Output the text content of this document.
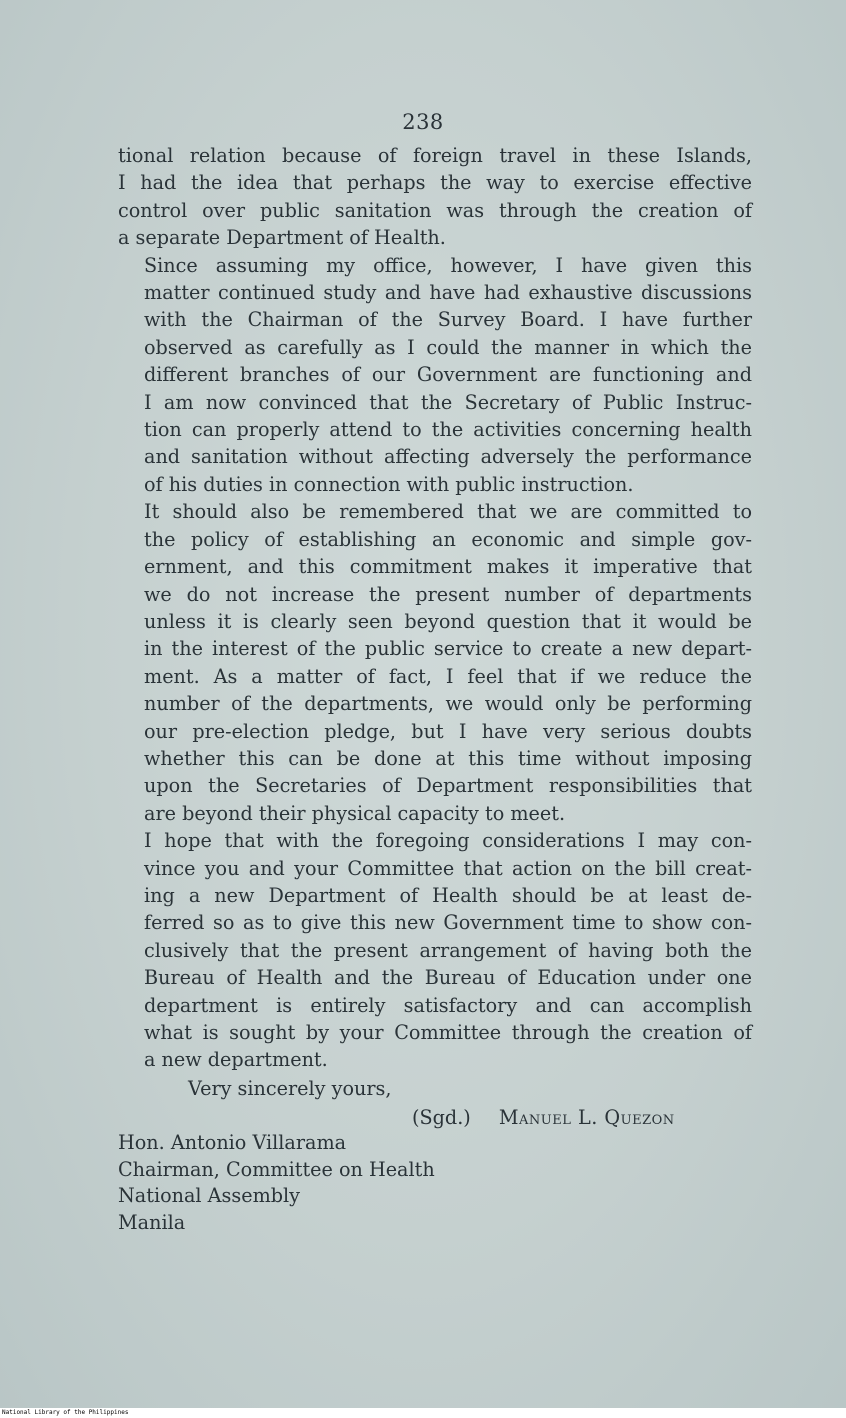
238

tional relation because of foreign travel in these Islands,
I had the idea that perhaps the way to exercise effective
control over public sanitation was through the creation of
a separate Department of Health.

Since assuming my office, however, I have given this
matter continued study and have had exhaustive discussions
with the Chairman of the Survey Board. I have further
observed as carefully as I could the manner in which the
different branches of our Government are functioning and
I am now convinced that the Secretary of Public Instruc-
tion can properly attend to the activities concerning health
and sanitation without affecting adversely the performance
of his duties in connection with public instruction.

It should also be remembered that we are committed to
the policy of establishing an economic and simple gov-
ernment, and this commitment makes it imperative that
we do not increase the present number of departments
unless it is clearly seen beyond question that it would be
in the interest of the public service to create a new depart-
ment. As a matter of fact, I feel that if we reduce the
number of the departments, we would only be performing
our pre-election pledge, but I have very serious doubts
whether this can be done at this time without imposing
upon the Secretaries of Department responsibilities that
are beyond their physical capacity to meet.

I hope that with the foregoing considerations I may con-
vince you and your Committee that action on the bill creat-
ing a new Department of Health should be at least de-
ferred so as to give this new Government time to show con-
clusively that the present arrangement of having both the
Bureau of Health and the Bureau of Education under one
department is entirely satisfactory and can accomplish
what is sought by your Committee through the creation of
a new department.

Very sincerely yours,
(Sgd.) Manuel L. Quezon
Hon. Antonio Villarama
Chairman, Committee on Health
National Assembly
Manila
National Library of the Philippines
